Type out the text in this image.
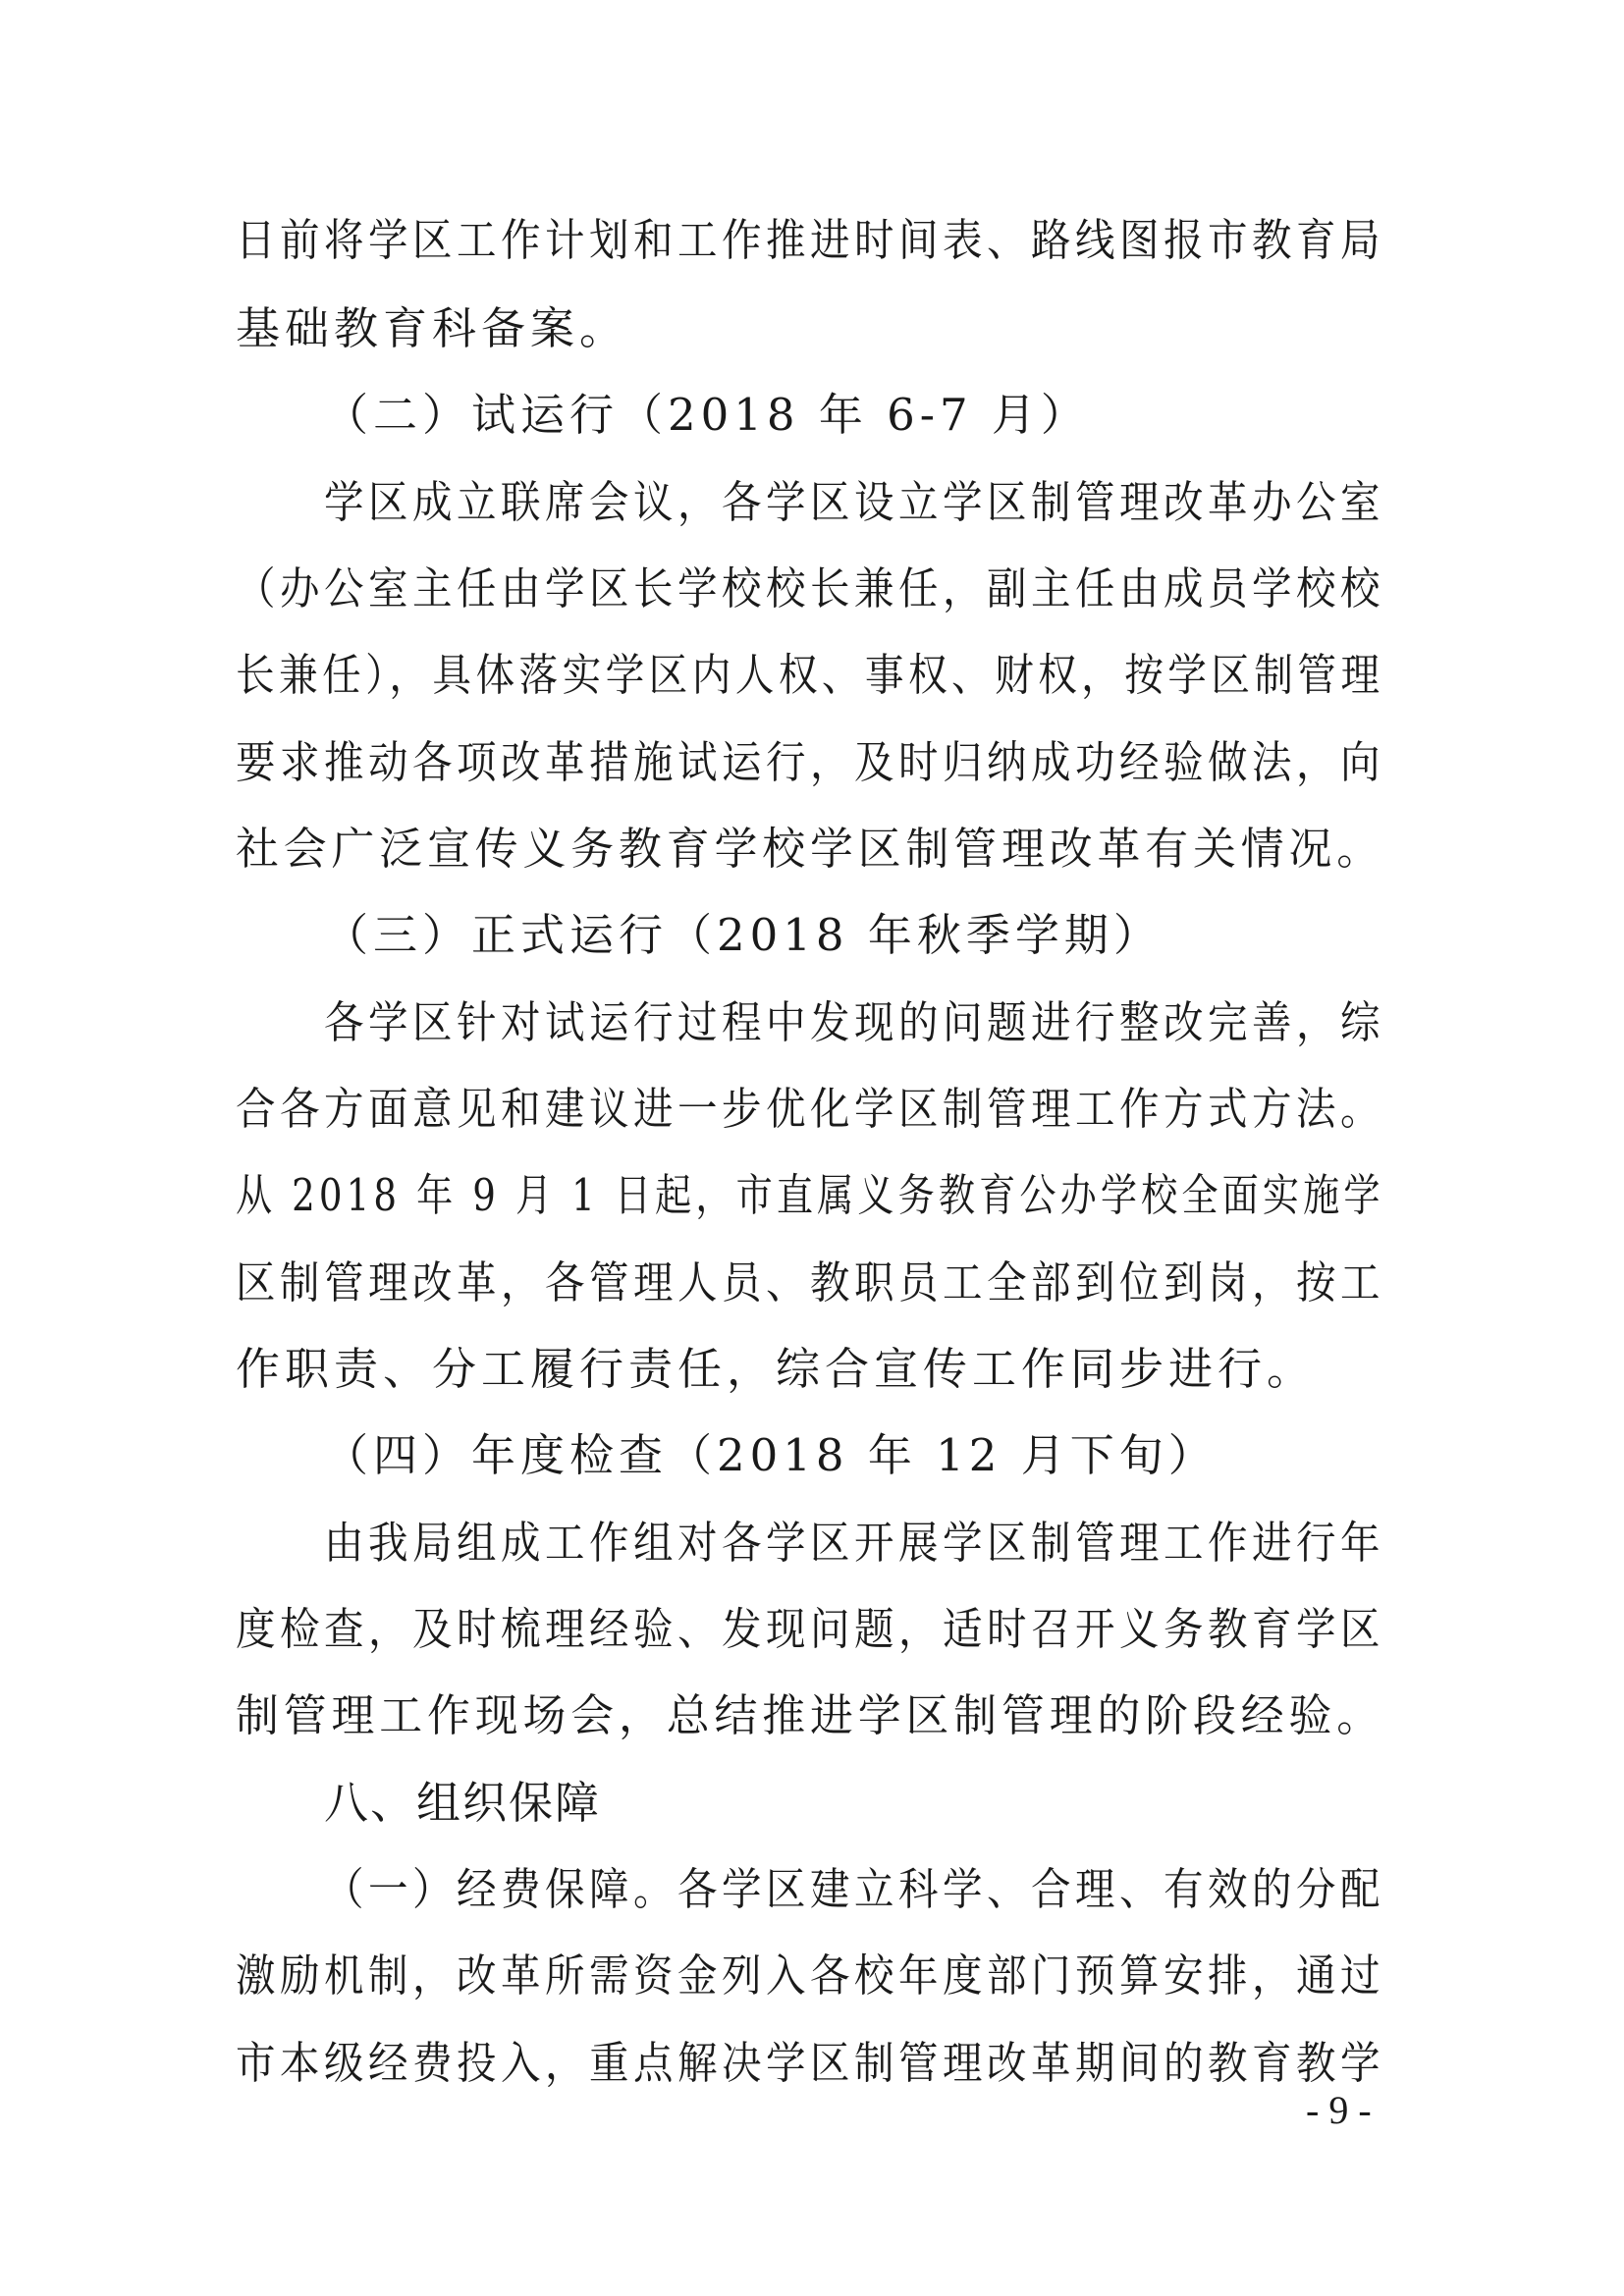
日前将学区工作计划和工作推进时间表、路线图报市教育局
基础教育科备案。
（二）试运行（2018 年 6-7 月）
学区成立联席会议，各学区设立学区制管理改革办公室
（办公室主任由学区长学校校长兼任，副主任由成员学校校
长兼任），具体落实学区内人权、事权、财权，按学区制管理
要求推动各项改革措施试运行，及时归纳成功经验做法，向
社会广泛宣传义务教育学校学区制管理改革有关情况。
（三）正式运行（2018 年秋季学期）
各学区针对试运行过程中发现的问题进行整改完善，综
合各方面意见和建议进一步优化学区制管理工作方式方法。
从 2018 年 9 月 1 日起，市直属义务教育公办学校全面实施学
区制管理改革，各管理人员、教职员工全部到位到岗，按工
作职责、分工履行责任，综合宣传工作同步进行。
（四）年度检查（2018 年 12 月下旬）
由我局组成工作组对各学区开展学区制管理工作进行年
度检查，及时梳理经验、发现问题，适时召开义务教育学区
制管理工作现场会，总结推进学区制管理的阶段经验。
八、组织保障
（一）经费保障。各学区建立科学、合理、有效的分配
激励机制，改革所需资金列入各校年度部门预算安排，通过
市本级经费投入，重点解决学区制管理改革期间的教育教学
- 9 -
